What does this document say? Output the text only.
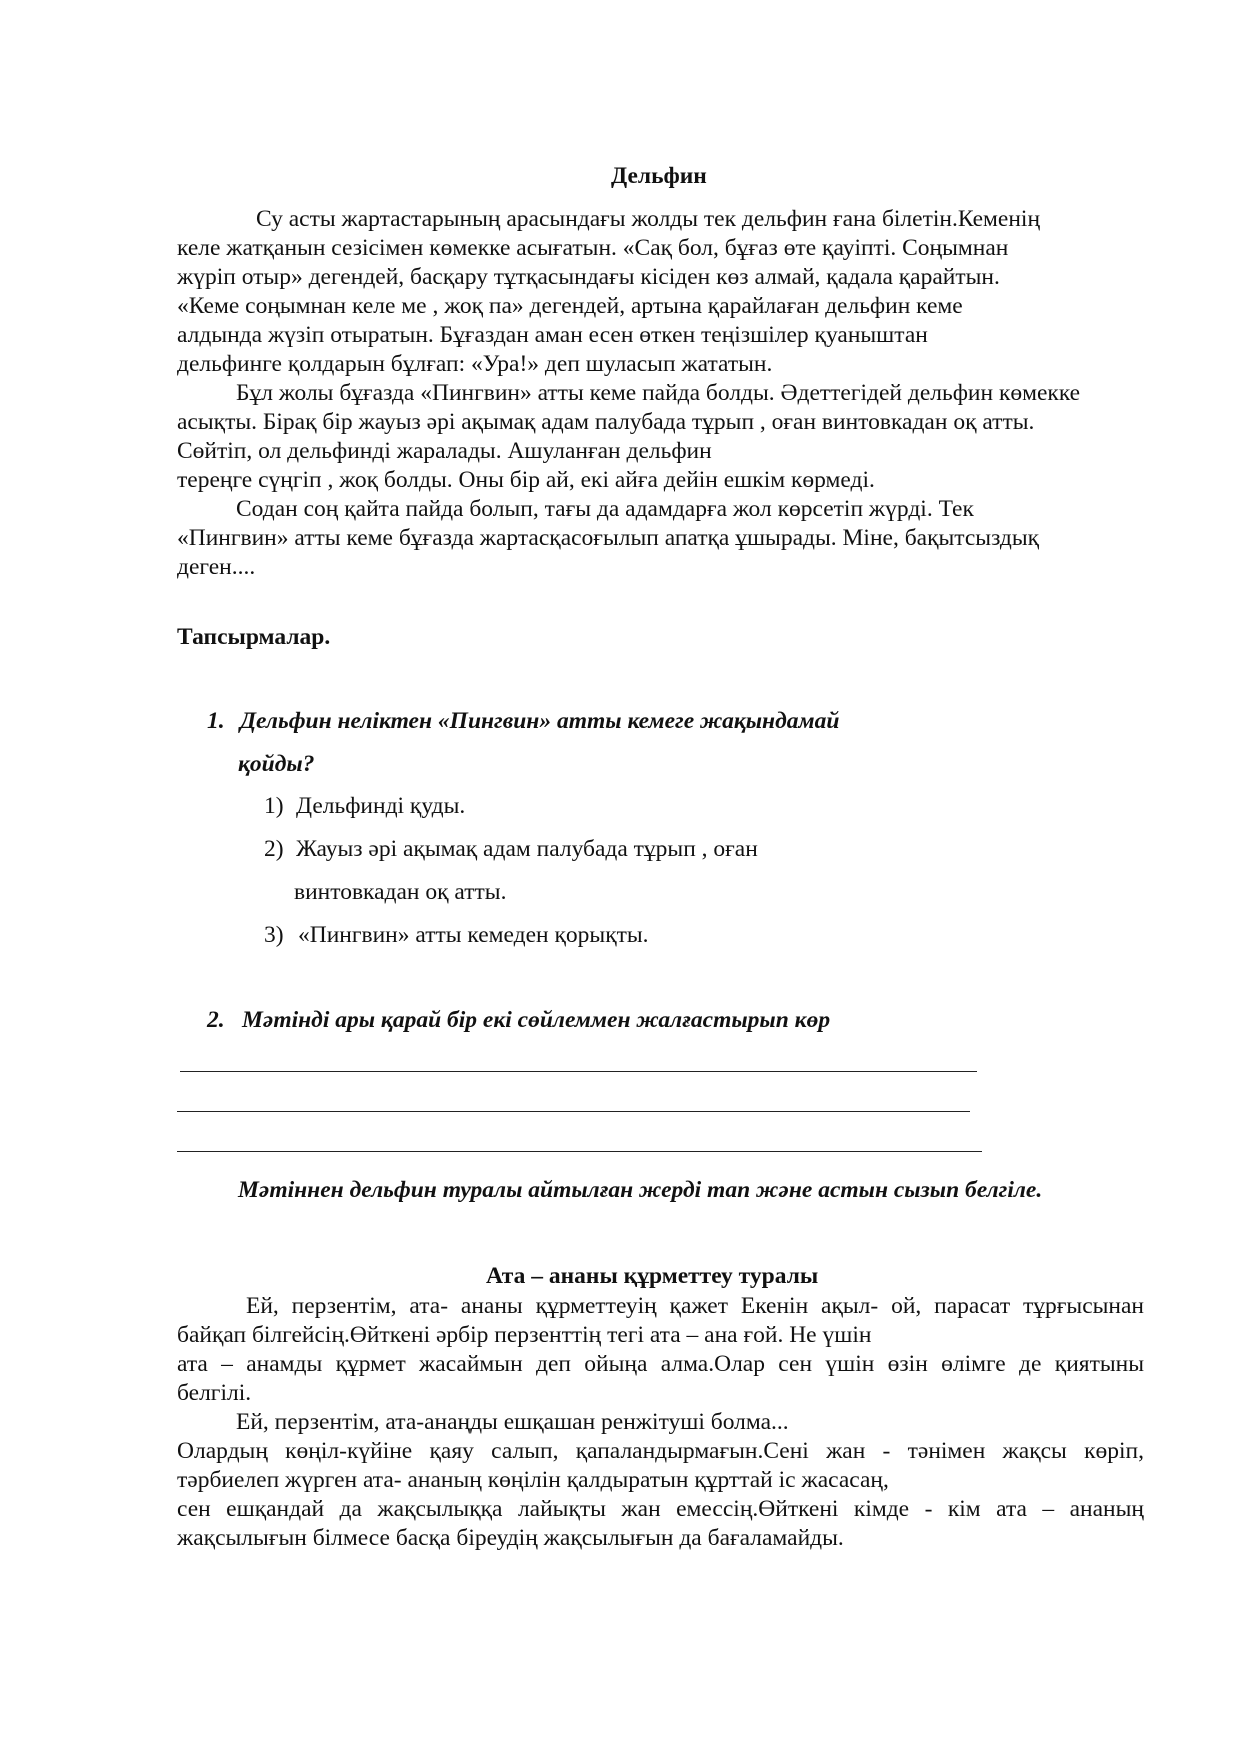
Дельфин
Су асты жартастарының арасындағы жолды тек дельфин ғана білетін.Кеменің
келе жатқанын сезісімен көмекке асығатын. «Сақ бол, бұғаз өте қауіпті. Соңымнан
жүріп отыр» дегендей, басқару тұтқасындағы кісіден көз алмай, қадала қарайтын.
«Кеме соңымнан келе ме , жоқ па» дегендей, артына қарайлаған дельфин кеме
алдында жүзіп отыратын. Бұғаздан аман есен өткен теңізшілер қуаныштан
дельфинге қолдарын бұлғап: «Ура!» деп шуласып жататын.
Бұл жолы бұғазда «Пингвин» атты кеме пайда болды. Әдеттегідей дельфин көмекке
асықты. Бірақ бір жауыз әрі ақымақ адам палубада тұрып , оған винтовкадан оқ атты.
Сөйтіп, ол дельфинді жаралады. Ашуланған дельфин
тереңге сүңгіп , жоқ болды. Оны бір ай, екі айға дейін ешкім көрмеді.
Содан соң қайта пайда болып, тағы да адамдарға жол көрсетіп жүрді. Тек
«Пингвин» атты кеме бұғазда жартасқасоғылып апатқа ұшырады. Міне, бақытсыздық
деген....
Тапсырмалар.
1. Дельфин неліктен «Пингвин» атты кемеге жақындамай
қойды?
1) Дельфинді қуды.
2) Жауыз әрі ақымақ адам палубада тұрып , оған
винтовкадан оқ атты.
3) «Пингвин» атты кемеден қорықты.
2. Мәтінді ары қарай бір екі сөйлеммен жалғастырып көр
Мәтіннен дельфин туралы айтылған жерді тап және астын сызып белгіле.
Ата – ананы құрметтеу туралы
Ей, перзентім, ата- ананы құрметтеуің қажет Екенін ақыл- ой, парасат тұрғысынан
байқап білгейсің.Өйткені әрбір перзенттің тегі ата – ана ғой. Не үшін
ата – анамды құрмет жасаймын деп ойыңа алма.Олар сен үшін өзін өлімге де қиятыны
белгілі.
Ей, перзентім, ата-анаңды ешқашан ренжітуші болма...
Олардың көңіл-күйіне қаяу салып, қапаландырмағын.Сені жан - тәнімен жақсы көріп,
тәрбиелеп жүрген ата- ананың көңілін қалдыратын құрттай іс жасасаң,
сен ешқандай да жақсылыққа лайықты жан емессің.Өйткені кімде - кім ата – ананың
жақсылығын білмесе басқа біреудің жақсылығын да бағаламайды.
